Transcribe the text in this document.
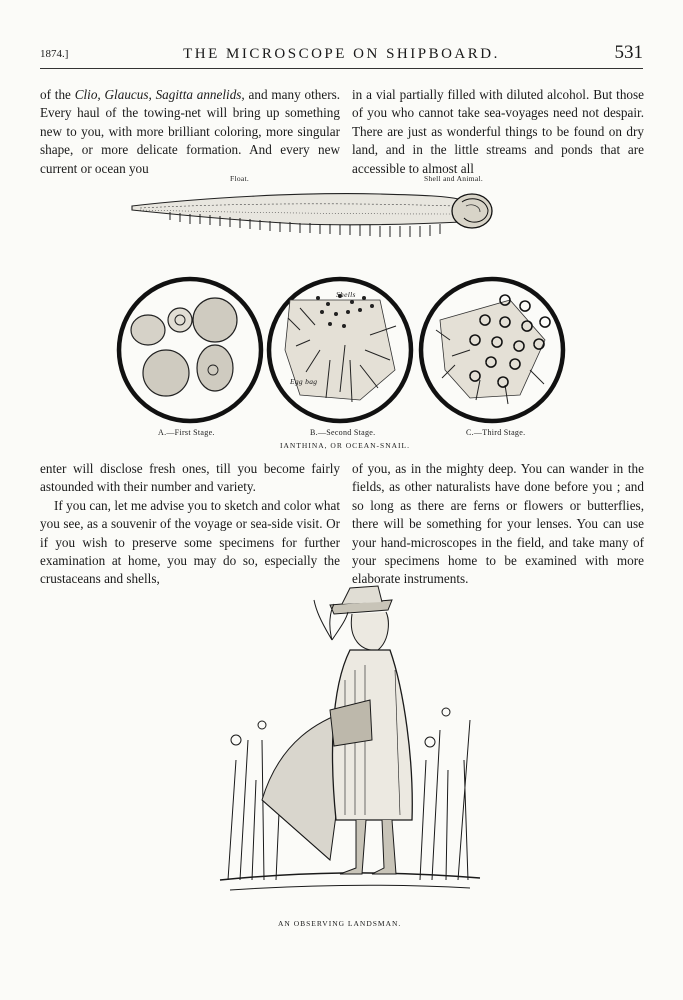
1874.]	THE MICROSCOPE ON SHIPBOARD.	531

of the Clio, Glaucus, Sagitta annelids, and many others. Every haul of the towing-net will bring up something new to you, with more brilliant coloring, more singular shape, or more delicate formation. And every new current or ocean you

in a vial partially filled with diluted alcohol. But those of you who cannot take sea-voyages need not despair. There are just as wonderful things to be found on dry land, and in the little streams and ponds that are accessible to almost all

Float.	Shell and Animal.
Shells
Egg bag
A.—First Stage.	B.—Second Stage.	C.—Third Stage.
IANTHINA, OR OCEAN-SNAIL.

enter will disclose fresh ones, till you become fairly astounded with their number and variety.

If you can, let me advise you to sketch and color what you see, as a souvenir of the voyage or sea-side visit. Or if you wish to preserve some specimens for further examination at home, you may do so, especially the crustaceans and shells,

of you, as in the mighty deep. You can wander in the fields, as other naturalists have done before you ; and so long as there are ferns or flowers or butterflies, there will be something for your lenses. You can use your hand-microscopes in the field, and take many of your specimens home to be examined with more elaborate instruments.

AN OBSERVING LANDSMAN.
